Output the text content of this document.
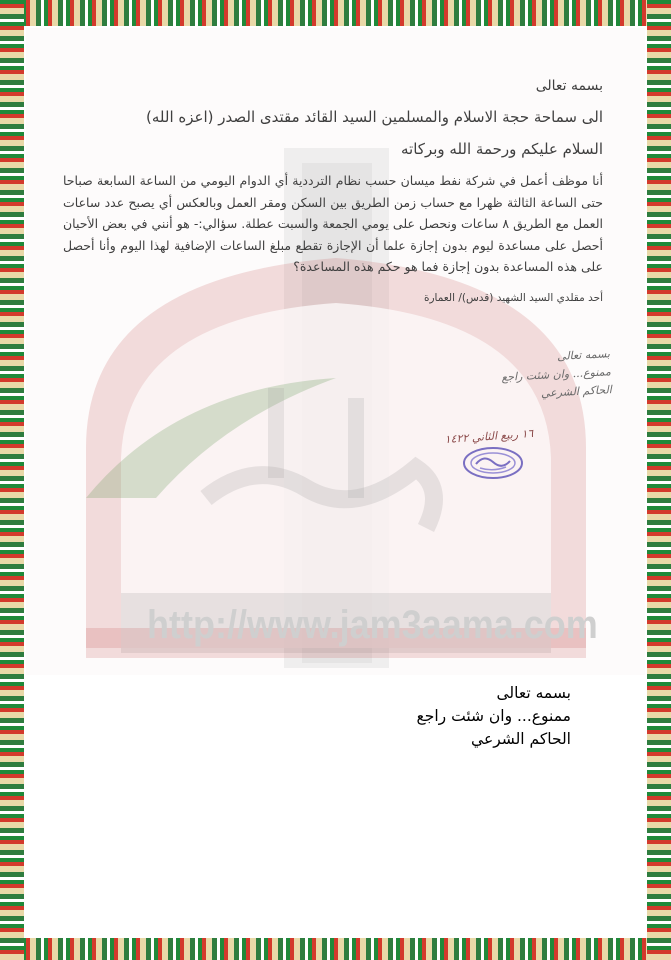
http://www.jam3aama.com

بسمه تعالى

الى سماحة حجة الاسلام والمسلمين السيد القائد مقتدى الصدر (اعزه الله)

السلام عليكم ورحمة الله وبركاته

أنا موظف أعمل في شركة نفط ميسان حسب نظام الترددية أي الدوام اليومي من الساعة السابعة صباحا حتى الساعة الثالثة ظهرا مع حساب زمن الطريق بين السكن ومقر العمل وبالعكس أي يصبح عدد ساعات العمل مع الطريق ٨ ساعات ونحصل على يومي الجمعة والسبت عطلة. سؤالي:- هو أنني في بعض الأحيان أحصل على مساعدة ليوم بدون إجازة علما أن الإجازة تقطع مبلغ الساعات الإضافية لهذا اليوم وأنا أحصل على هذه المساعدة بدون إجازة فما هو حكم هذه المساعدة؟

أحد مقلدي السيد الشهيد (قدس)/ العمارة

بسمه تعالى
ممنوع... وان شئت راجع
الحاكم الشرعي
١٦ ربيع الثاني ١٤٢٢
بسمه تعالى
ممنوع... وان شئت راجع
الحاكم الشرعي
